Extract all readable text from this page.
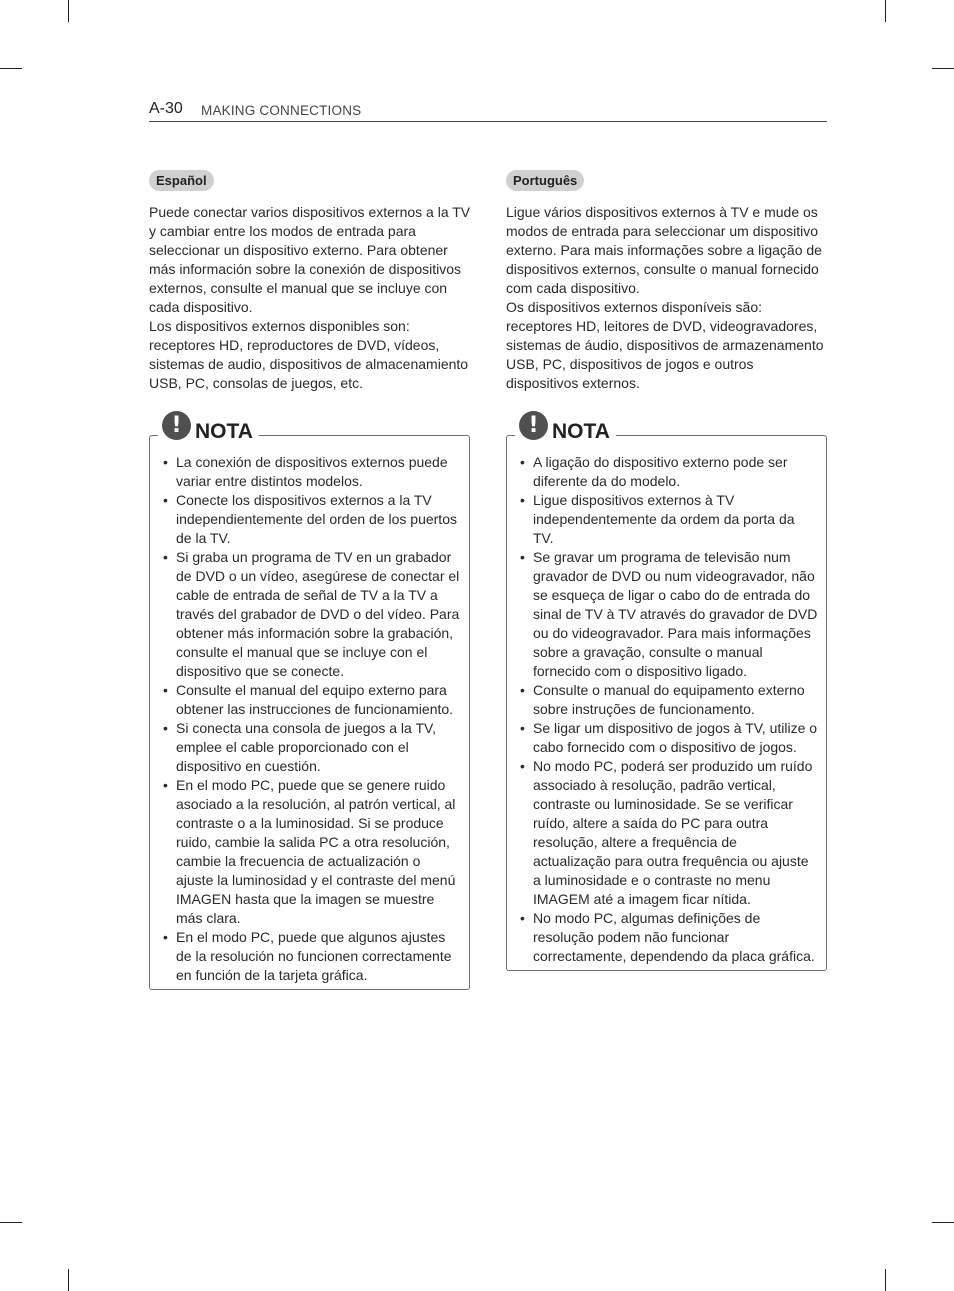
A-30 MAKING CONNECTIONS
Español

Puede conectar varios dispositivos externos a la TV y cambiar entre los modos de entrada para seleccionar un dispositivo externo. Para obtener más información sobre la conexión de dispositivos externos, consulte el manual que se incluye con cada dispositivo.

Los dispositivos externos disponibles son: receptores HD, reproductores de DVD, vídeos, sistemas de audio, dispositivos de almacenamiento USB, PC, consolas de juegos, etc.

! NOTA
• La conexión de dispositivos externos puede variar entre distintos modelos.
• Conecte los dispositivos externos a la TV independientemente del orden de los puertos de la TV.
• Si graba un programa de TV en un grabador de DVD o un vídeo, asegúrese de conectar el cable de entrada de señal de TV a la TV a través del grabador de DVD o del vídeo. Para obtener más información sobre la grabación, consulte el manual que se incluye con el dispositivo que se conecte.
• Consulte el manual del equipo externo para obtener las instrucciones de funcionamiento.
• Si conecta una consola de juegos a la TV, emplee el cable proporcionado con el dispositivo en cuestión.
• En el modo PC, puede que se genere ruido asociado a la resolución, al patrón vertical, al contraste o a la luminosidad. Si se produce ruido, cambie la salida PC a otra resolución, cambie la frecuencia de actualización o ajuste la luminosidad y el contraste del menú IMAGEN hasta que la imagen se muestre más clara.
• En el modo PC, puede que algunos ajustes de la resolución no funcionen correctamente en función de la tarjeta gráfica.
Português

Ligue vários dispositivos externos à TV e mude os modos de entrada para seleccionar um dispositivo externo. Para mais informações sobre a ligação de dispositivos externos, consulte o manual fornecido com cada dispositivo.

Os dispositivos externos disponíveis são: receptores HD, leitores de DVD, videogravadores, sistemas de áudio, dispositivos de armazenamento USB, PC, dispositivos de jogos e outros dispositivos externos.

! NOTA
• A ligação do dispositivo externo pode ser diferente da do modelo.
• Ligue dispositivos externos à TV independentemente da ordem da porta da TV.
• Se gravar um programa de televisão num gravador de DVD ou num videogravador, não se esqueça de ligar o cabo do de entrada do sinal de TV à TV através do gravador de DVD ou do videogravador. Para mais informações sobre a gravação, consulte o manual fornecido com o dispositivo ligado.
• Consulte o manual do equipamento externo sobre instruções de funcionamento.
• Se ligar um dispositivo de jogos à TV, utilize o cabo fornecido com o dispositivo de jogos.
• No modo PC, poderá ser produzido um ruído associado à resolução, padrão vertical, contraste ou luminosidade. Se se verificar ruído, altere a saída do PC para outra resolução, altere a frequência de actualização para outra frequência ou ajuste a luminosidade e o contraste no menu IMAGEM até a imagem ficar nítida.
• No modo PC, algumas definições de resolução podem não funcionar correctamente, dependendo da placa gráfica.
